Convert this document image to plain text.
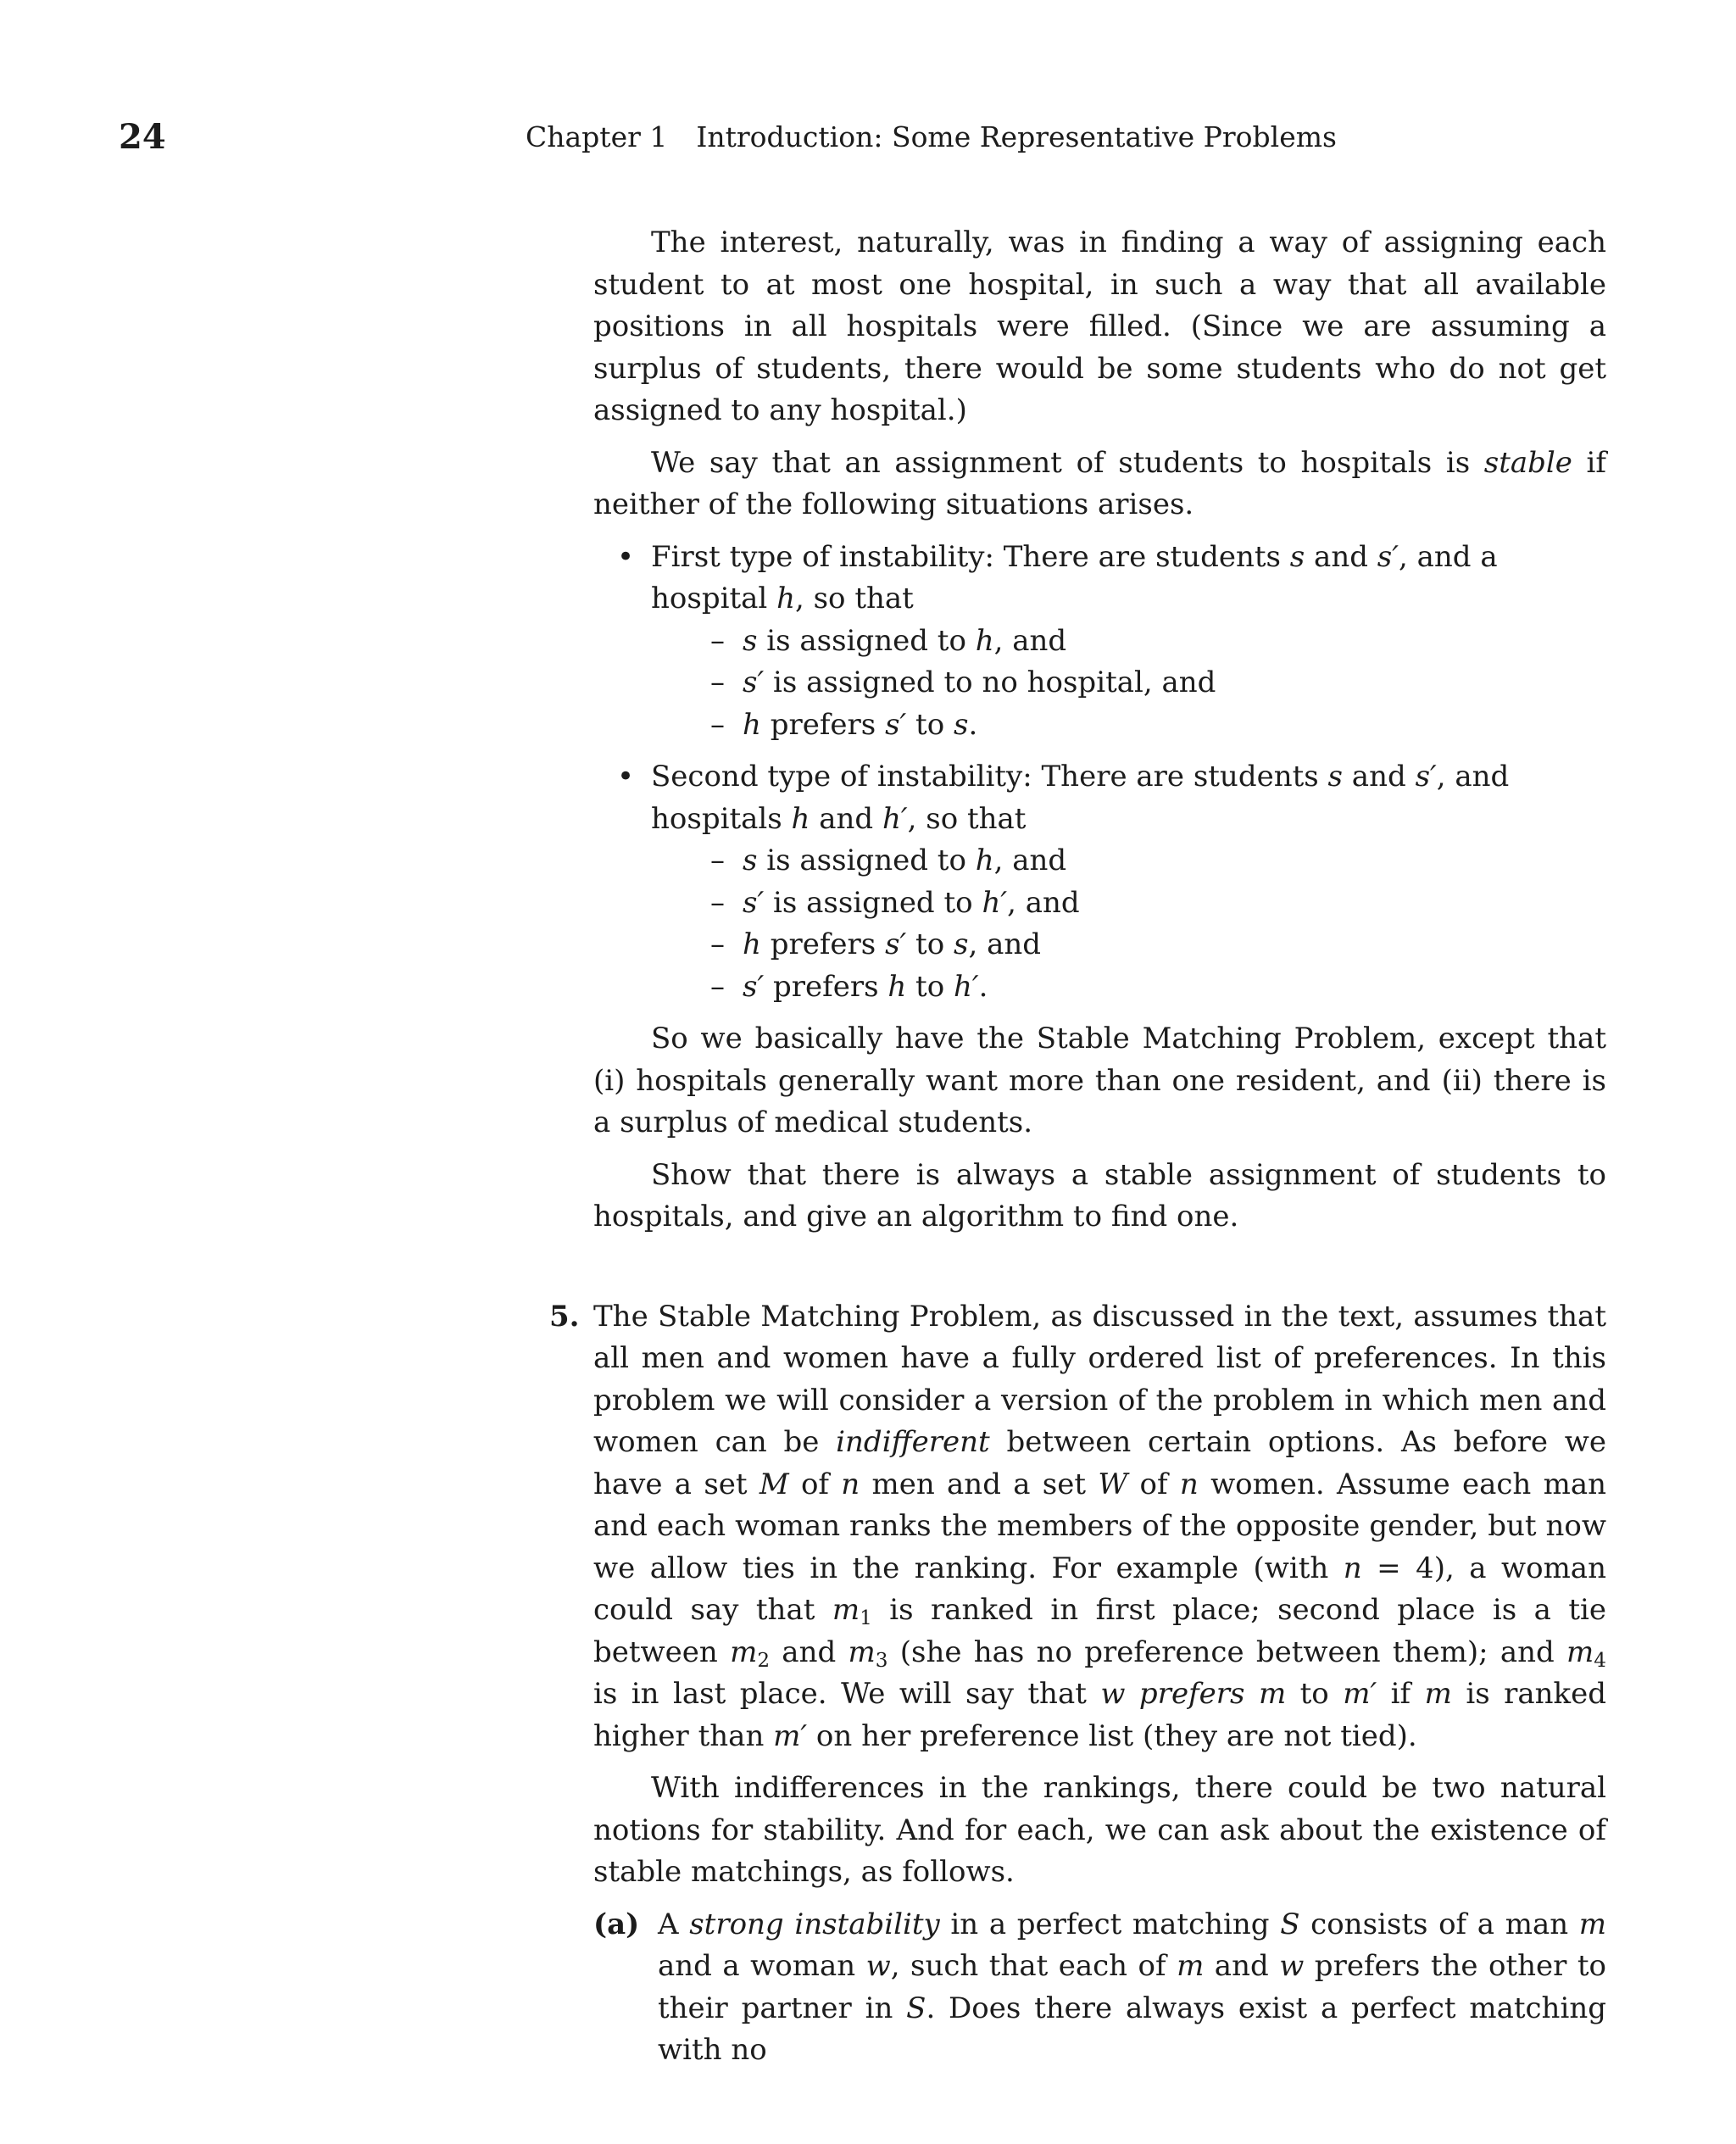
24	Chapter 1 Introduction: Some Representative Problems

The interest, naturally, was in finding a way of assigning each student to at most one hospital, in such a way that all available positions in all hospitals were filled. (Since we are assuming a surplus of students, there would be some students who do not get assigned to any hospital.)

We say that an assignment of students to hospitals is stable if neither of the following situations arises.

• First type of instability: There are students s and s′, and a hospital h, so that
– s is assigned to h, and
– s′ is assigned to no hospital, and
– h prefers s′ to s.
• Second type of instability: There are students s and s′, and hospitals h and h′, so that
– s is assigned to h, and
– s′ is assigned to h′, and
– h prefers s′ to s, and
– s′ prefers h to h′.

So we basically have the Stable Matching Problem, except that (i) hospitals generally want more than one resident, and (ii) there is a surplus of medical students.

Show that there is always a stable assignment of students to hospitals, and give an algorithm to find one.

5. The Stable Matching Problem, as discussed in the text, assumes that all men and women have a fully ordered list of preferences. In this problem we will consider a version of the problem in which men and women can be indifferent between certain options. As before we have a set M of n men and a set W of n women. Assume each man and each woman ranks the members of the opposite gender, but now we allow ties in the ranking. For example (with n = 4), a woman could say that $m_1$ is ranked in first place; second place is a tie between $m_2$ and $m_3$ (she has no preference between them); and $m_4$ is in last place. We will say that w prefers m to m′ if m is ranked higher than m′ on her preference list (they are not tied).

With indifferences in the rankings, there could be two natural notions for stability. And for each, we can ask about the existence of stable matchings, as follows.

(a) A strong instability in a perfect matching S consists of a man m and a woman w, such that each of m and w prefers the other to their partner in S. Does there always exist a perfect matching with no
